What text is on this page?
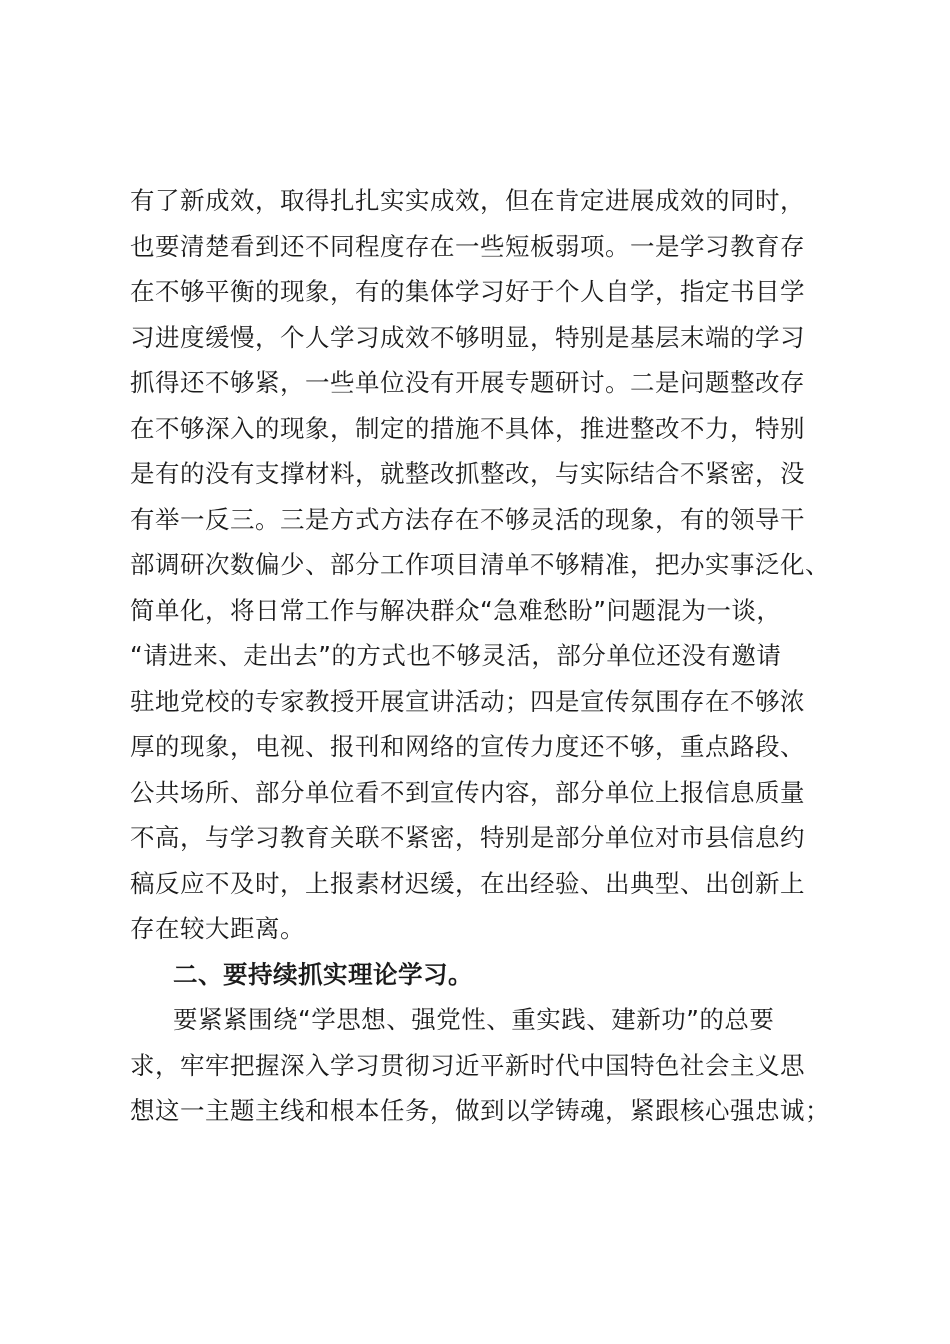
有了新成效，取得扎扎实实成效，但在肯定进展成效的同时，
也要清楚看到还不同程度存在一些短板弱项。一是学习教育存
在不够平衡的现象，有的集体学习好于个人自学，指定书目学
习进度缓慢，个人学习成效不够明显，特别是基层末端的学习
抓得还不够紧，一些单位没有开展专题研讨。二是问题整改存
在不够深入的现象，制定的措施不具体，推进整改不力，特别
是有的没有支撑材料，就整改抓整改，与实际结合不紧密，没
有举一反三。三是方式方法存在不够灵活的现象，有的领导干
部调研次数偏少、部分工作项目清单不够精准，把办实事泛化、
简单化，将日常工作与解决群众“急难愁盼”问题混为一谈，
“请进来、走出去”的方式也不够灵活，部分单位还没有邀请
驻地党校的专家教授开展宣讲活动；四是宣传氛围存在不够浓
厚的现象，电视、报刊和网络的宣传力度还不够，重点路段、
公共场所、部分单位看不到宣传内容，部分单位上报信息质量
不高，与学习教育关联不紧密，特别是部分单位对市县信息约
稿反应不及时，上报素材迟缓，在出经验、出典型、出创新上
存在较大距离。
二、要持续抓实理论学习。
要紧紧围绕“学思想、强党性、重实践、建新功”的总要
求，牢牢把握深入学习贯彻习近平新时代中国特色社会主义思
想这一主题主线和根本任务，做到以学铸魂，紧跟核心强忠诚；
